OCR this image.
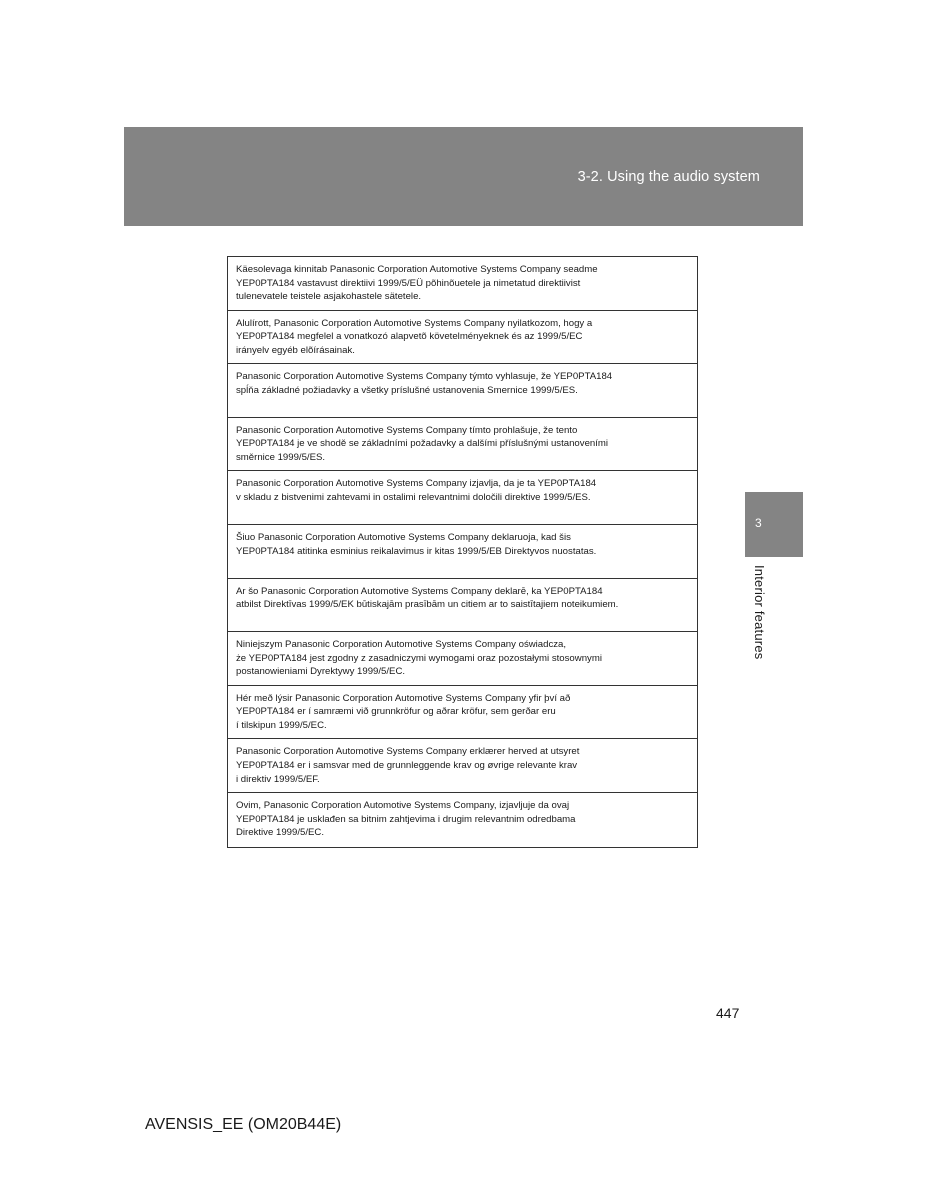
3-2. Using the audio system
3
Interior features
Käesolevaga kinnitab Panasonic Corporation Automotive Systems Company seadme
YEP0PTA184 vastavust direktiivi 1999/5/EÜ põhinõuetele ja nimetatud direktiivist
tulenevatele teistele asjakohastele sätetele.
Alulírott, Panasonic Corporation Automotive Systems Company nyilatkozom, hogy a
YEP0PTA184 megfelel a vonatkozó alapvetõ követelményeknek és az 1999/5/EC
irányelv egyéb elõírásainak.
Panasonic Corporation Automotive Systems Company týmto vyhlasuje, že YEP0PTA184
spĺňa základné požiadavky a všetky príslušné ustanovenia Smernice 1999/5/ES.
Panasonic Corporation Automotive Systems Company tímto prohlašuje, že tento
YEP0PTA184 je ve shodě se základními požadavky a dalšími příslušnými ustanoveními
směrnice 1999/5/ES.
Panasonic Corporation Automotive Systems Company izjavlja, da je ta YEP0PTA184
v skladu z bistvenimi zahtevami in ostalimi relevantnimi določili direktive 1999/5/ES.
Šiuo Panasonic Corporation Automotive Systems Company deklaruoja, kad šis
YEP0PTA184 atitinka esminius reikalavimus ir kitas 1999/5/EB Direktyvos nuostatas.
Ar šo Panasonic Corporation Automotive Systems Company deklarē, ka YEP0PTA184
atbilst Direktīvas 1999/5/EK būtiskajām prasībām un citiem ar to saistītajiem noteikumiem.
Niniejszym Panasonic Corporation Automotive Systems Company oświadcza,
że YEP0PTA184 jest zgodny z zasadniczymi wymogami oraz pozostałymi stosownymi
postanowieniami Dyrektywy 1999/5/EC.
Hér með lýsir Panasonic Corporation Automotive Systems Company yfir því að
YEP0PTA184 er í samræmi við grunnkröfur og aðrar kröfur, sem gerðar eru
í tilskipun 1999/5/EC.
Panasonic Corporation Automotive Systems Company erklærer herved at utsyret
YEP0PTA184 er i samsvar med de grunnleggende krav og øvrige relevante krav
i direktiv 1999/5/EF.
Ovim, Panasonic Corporation Automotive Systems Company, izjavljuje da ovaj
YEP0PTA184 je usklađen sa bitnim zahtjevima i drugim relevantnim odredbama
Direktive 1999/5/EC.
447
AVENSIS_EE (OM20B44E)
